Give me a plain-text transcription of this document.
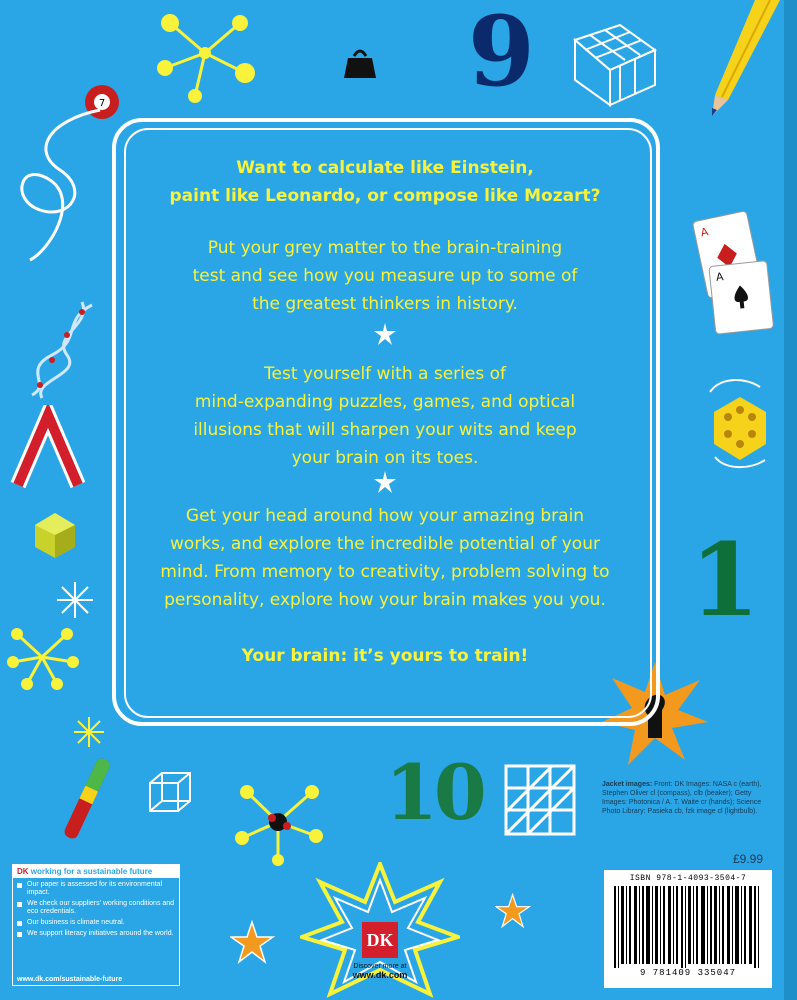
9
7
A
A
1
10

Want to calculate like Einstein,

paint like Leonardo, or compose like Mozart?

Put your grey matter to the brain-training

test and see how you measure up to some of

the greatest thinkers in history.

Test yourself with a series of

mind-expanding puzzles, games, and optical

illusions that will sharpen your wits and keep

your brain on its toes.

Get your head around how your amazing brain

works, and explore the incredible potential of your

mind. From memory to creativity, problem solving to

personality, explore how your brain makes you you.

Your brain: it’s yours to train!

Jacket images: Front: DK Images: NASA c (earth), Stephen Oliver cl (compass), clb (beaker); Getty Images: Photonica / A. T. Waite cr (hands); Science Photo Library: Pasieka cb, fzk image cl (lightbulb).
£9.99
ISBN 978-1-4093-3504-7
9 781409 335047
DK working for a sustainable future
Our paper is assessed for its environmental impact.
We check our suppliers’ working conditions and eco credentials.
Our business is climate neutral.
We support literacy initiatives around the world.
www.dk.com/sustainable-future
DK
Discover more at
www.dk.com
